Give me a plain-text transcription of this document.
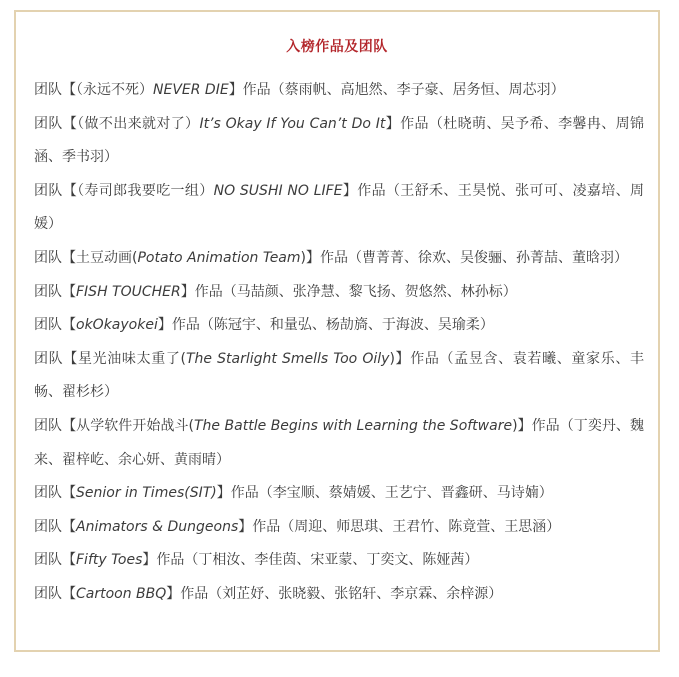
入榜作品及团队
团队【（永远不死）NEVER DIE】作品（蔡雨帆、高旭然、李子豪、居务恒、周芯羽）
团队【（做不出来就对了）It’s Okay If You Can’t Do It】作品（杜晓萌、吴予希、李馨冉、周锦涵、季书羽）
团队【（寿司郎我要吃一组）NO SUSHI NO LIFE】作品（王舒禾、王昊悦、张可可、凌嘉培、周媛）
团队【土豆动画(Potato Animation Team)】作品（曹菁菁、徐欢、吴俊骊、孙菁喆、董晗羽）
团队【FISH TOUCHER】作品（马喆颜、张净慧、黎飞扬、贺悠然、林孙标）
团队【okOkayokei】作品（陈冠宇、和量弘、杨劼旖、于海波、吴瑜柔）
团队【星光油味太重了(The Starlight Smells Too Oily)】作品（孟昱含、袁若曦、童家乐、丰畅、翟杉杉）
团队【从学软件开始战斗(The Battle Begins with Learning the Software)】作品（丁奕丹、魏来、翟梓屹、余心妍、黄雨晴）
团队【Senior in Times(SIT)】作品（李宝顺、蔡婧媛、王艺宁、晋鑫研、马诗婻）
团队【Animators & Dungeons】作品（周迎、师思琪、王君竹、陈竟萱、王思涵）
团队【Fifty Toes】作品（丁相汝、李佳茵、宋亚蒙、丁奕文、陈娅茜）
团队【Cartoon BBQ】作品（刘芷妤、张晓毅、张铭轩、李京霖、余梓源）
